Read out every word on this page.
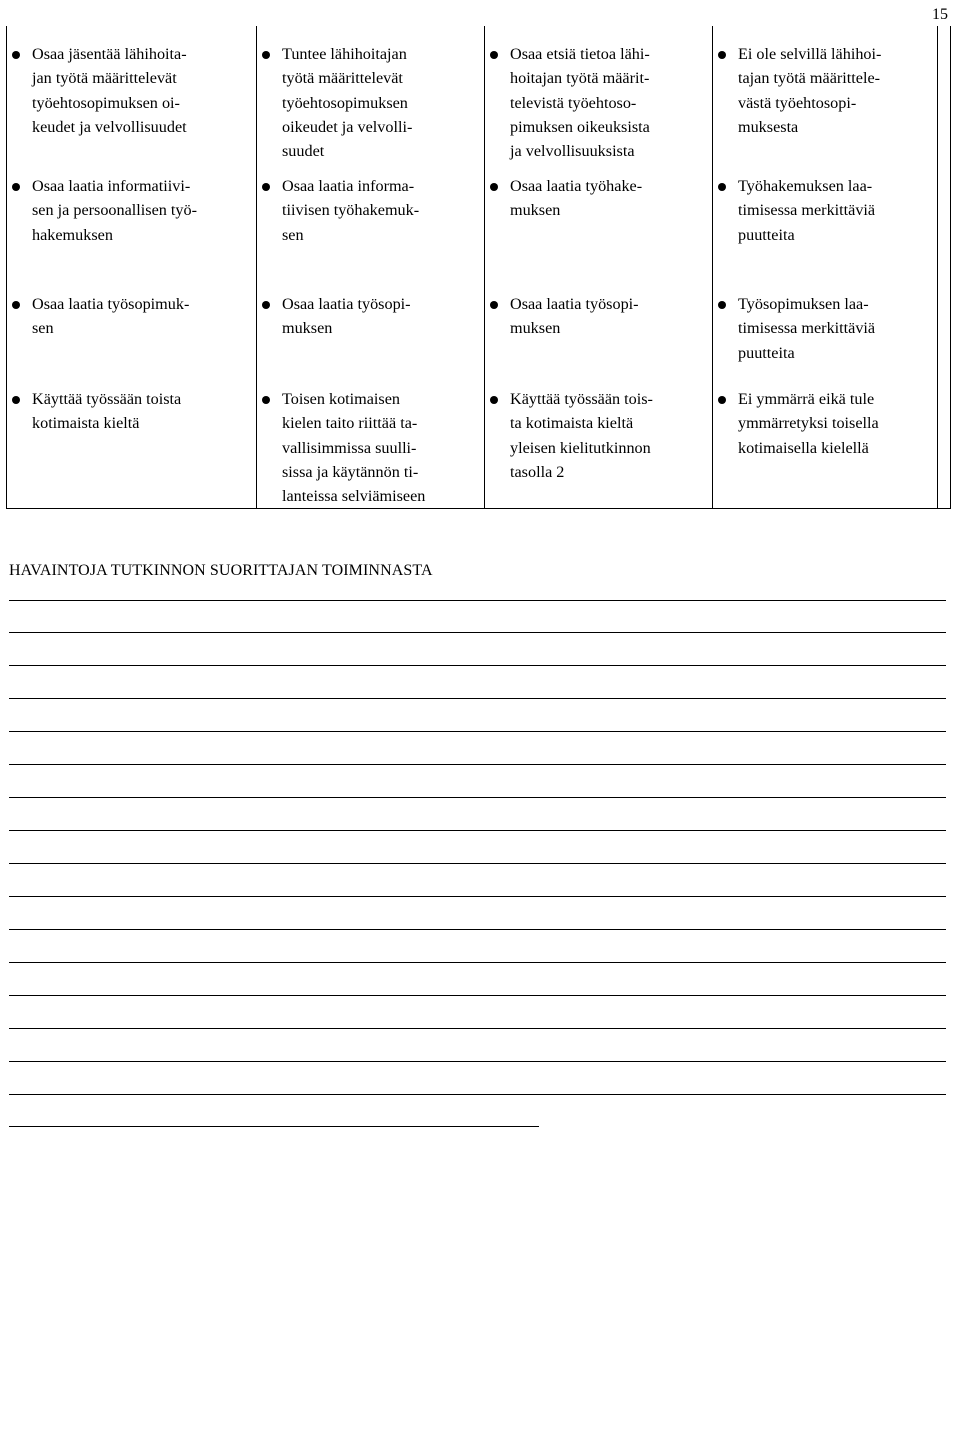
15
Osaa jäsentää lähihoita-
jan työtä määrittelevät
työehtosopimuksen oi-
keudet ja velvollisuudet	Tuntee lähihoitajan
työtä määrittelevät
työehtosopimuksen
oikeudet ja velvolli-
suudet	Osaa etsiä tietoa lähi-
hoitajan työtä määrit-
televistä työehtoso-
pimuksen oikeuksista
ja velvollisuuksista	Ei ole selvillä lähihoi-
tajan työtä määrittele-
västä työehtosopi-
muksesta	

Osaa laatia informatiivi-
sen ja persoonallisen työ-
hakemuksen	Osaa laatia informa-
tiivisen työhakemuk-
sen	Osaa laatia työhake-
muksen	Työhakemuksen laa-
timisessa merkittäviä
puutteita	

Osaa laatia työsopimuk-
sen	Osaa laatia työsopi-
muksen	Osaa laatia työsopi-
muksen	Työsopimuksen laa-
timisessa merkittäviä
puutteita	

Käyttää työssään toista
kotimaista kieltä	Toisen kotimaisen
kielen taito riittää ta-
vallisimmissa suulli-
sissa ja käytännön ti-
lanteissa selviämiseen	Käyttää työssään tois-
ta kotimaista kieltä
yleisen kielitutkinnon
tasolla 2	Ei ymmärrä eikä tule
ymmärretyksi toisella
kotimaisella kielellä	

HAVAINTOJA TUTKINNON SUORITTAJAN TOIMINNASTA
